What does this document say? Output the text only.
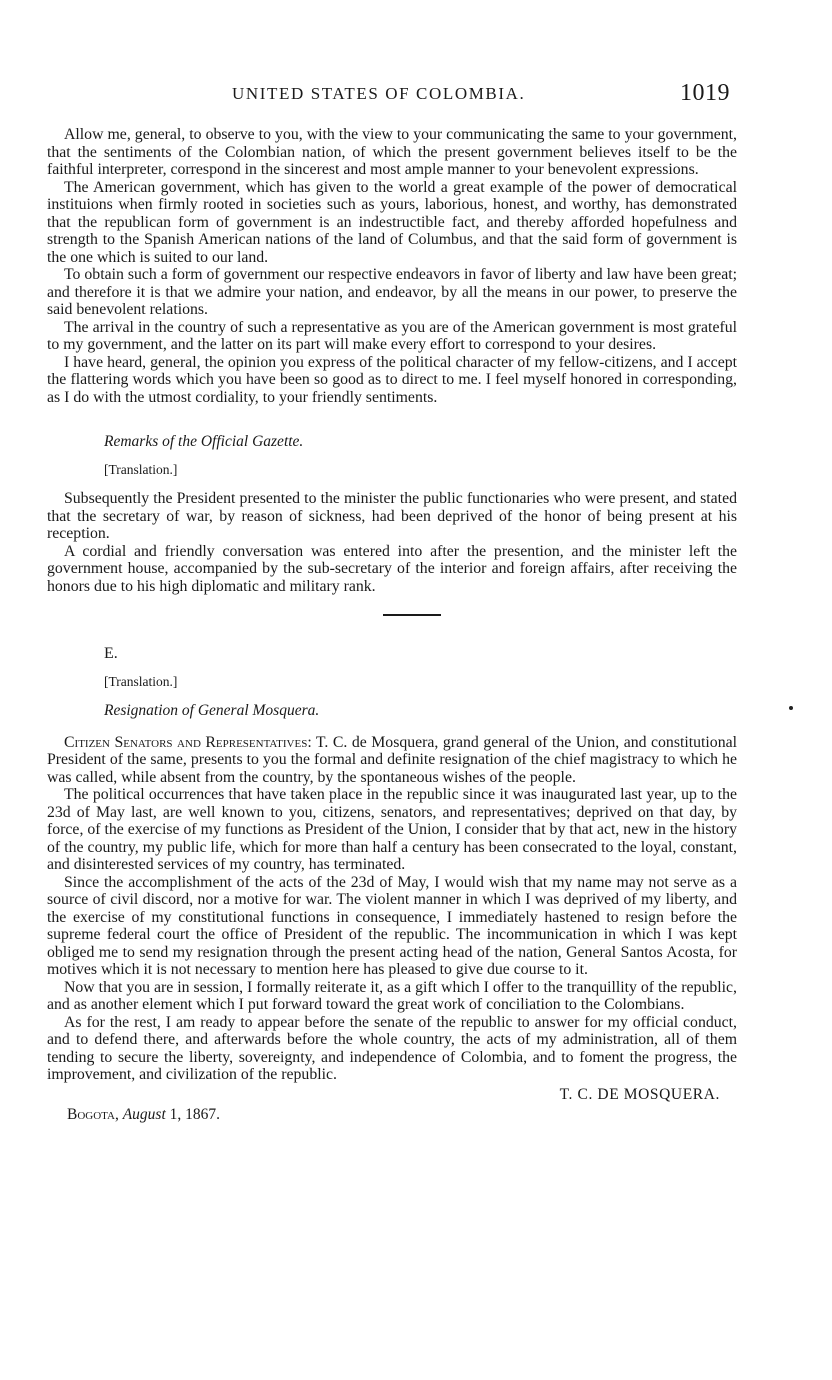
UNITED STATES OF COLOMBIA.	1019

Allow me, general, to observe to you, with the view to your communicating the same to your government, that the sentiments of the Colombian nation, of which the present government believes itself to be the faithful interpreter, correspond in the sincerest and most ample manner to your benevolent expressions.

The American government, which has given to the world a great example of the power of democratical instituions when firmly rooted in societies such as yours, laborious, honest, and worthy, has demonstrated that the republican form of government is an indestructible fact, and thereby afforded hopefulness and strength to the Spanish American nations of the land of Columbus, and that the said form of government is the one which is suited to our land.

To obtain such a form of government our respective endeavors in favor of liberty and law have been great; and therefore it is that we admire your nation, and endeavor, by all the means in our power, to preserve the said benevolent relations.

The arrival in the country of such a representative as you are of the American government is most grateful to my government, and the latter on its part will make every effort to correspond to your desires.

I have heard, general, the opinion you express of the political character of my fellow-citizens, and I accept the flattering words which you have been so good as to direct to me. I feel myself honored in corresponding, as I do with the utmost cordiality, to your friendly sentiments.

Remarks of the Official Gazette.

[Translation.]

Subsequently the President presented to the minister the public functionaries who were present, and stated that the secretary of war, by reason of sickness, had been deprived of the honor of being present at his reception.

A cordial and friendly conversation was entered into after the presention, and the minister left the government house, accompanied by the sub-secretary of the interior and foreign affairs, after receiving the honors due to his high diplomatic and military rank.

E.

[Translation.]

Resignation of General Mosquera.

Citizen Senators and Representatives: T. C. de Mosquera, grand general of the Union, and constitutional President of the same, presents to you the formal and definite resignation of the chief magistracy to which he was called, while absent from the country, by the spontaneous wishes of the people.

The political occurrences that have taken place in the republic since it was inaugurated last year, up to the 23d of May last, are well known to you, citizens, senators, and representatives; deprived on that day, by force, of the exercise of my functions as President of the Union, I consider that by that act, new in the history of the country, my public life, which for more than half a century has been consecrated to the loyal, constant, and disinterested services of my country, has terminated.

Since the accomplishment of the acts of the 23d of May, I would wish that my name may not serve as a source of civil discord, nor a motive for war. The violent manner in which I was deprived of my liberty, and the exercise of my constitutional functions in consequence, I immediately hastened to resign before the supreme federal court the office of President of the republic. The incommunication in which I was kept obliged me to send my resignation through the present acting head of the nation, General Santos Acosta, for motives which it is not necessary to mention here has pleased to give due course to it.

Now that you are in session, I formally reiterate it, as a gift which I offer to the tranquillity of the republic, and as another element which I put forward toward the great work of conciliation to the Colombians.

As for the rest, I am ready to appear before the senate of the republic to answer for my official conduct, and to defend there, and afterwards before the whole country, the acts of my administration, all of them tending to secure the liberty, sovereignty, and independence of Colombia, and to foment the progress, the improvement, and civilization of the republic.

T. C. DE MOSQUERA.
Bogota, August 1, 1867.
